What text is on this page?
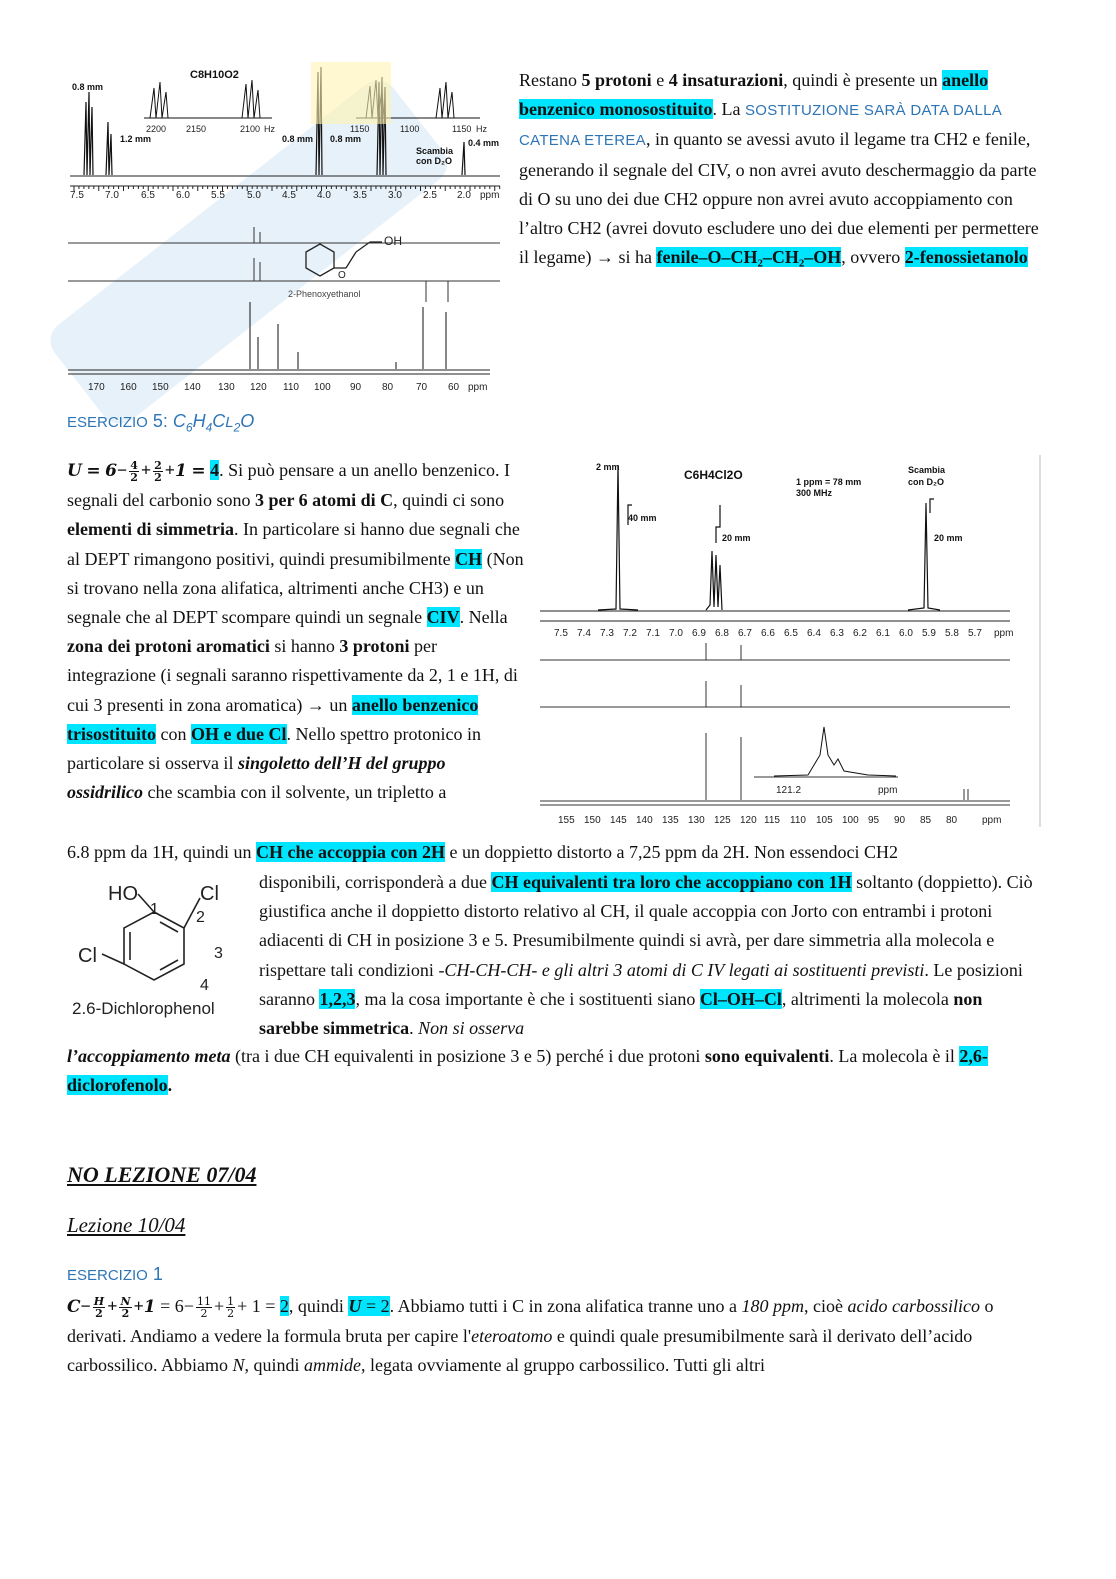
7.5 7.0 6.5 6.0 5.5 5.0 4.5 4.0 3.5 3.0 2.5 2.0 ppm
2200 2150	2100 Hz	1150	1100	1150 Hz
0.8 mm
1.2 mm	0.8 mm 0.8 mm	0.4 mm
Scambia
con D₂O
C8H10O2
O
OH
2-Phenoxyethanol
170 160 150 140 130 120 110 100 90 80 70 60 ppm

Restano 5 protoni e 4 insaturazioni, quindi è presente un anello benzenico monosostituito. La SOSTITUZIONE SARÀ DATA DALLA CATENA ETEREA, in quanto se avessi avuto il legame tra CH2 e fenile, generando il segnale del CIV, o non avrei avuto deschermaggio da parte di O su uno dei due CH2 oppure non avrei avuto accoppiamento con l’altro CH2 (avrei dovuto escludere uno dei due elementi per permettere il legame) → si ha fenile–O–CH₂–CH₂–OH, ovvero 2-fenossietanolo

ESERCIZIO 5: $C_6H_4CL_2O$

$U = 6- \frac{4}{2} + \frac{2}{2} +1 = 4$. Si può pensare a un anello benzenico. I segnali del carbonio sono 3 per 6 atomi di C, quindi ci sono elementi di simmetria. In particolare si hanno due segnali che al DEPT rimangono positivi, quindi presumibilmente CH (Non si trovano nella zona alifatica, altrimenti anche CH3) e un segnale che al DEPT scompare quindi un segnale CIV. Nella zona dei protoni aromatici si hanno 3 protoni per integrazione (i segnali saranno rispettivamente da 2, 1 e 1H, di cui 3 presenti in zona aromatica) → un anello benzenico trisostituito con OH e due Cl. Nello spettro protonico in particolare si osserva il singoletto dell’H del gruppo ossidrilico che scambia con il solvente, un tripletto a

2 mm
40 mm
20 mm	20 mm
C6H4Cl2O	1 ppm = 78 mm
300 MHz
Scambia
con D₂O
7.5 7.4 7.3 7.2 7.1 7.0 6.9 6.8 6.7 6.6 6.5 6.4 6.3 6.2 6.1 6.0 5.9 5.8 5.7 ppm
121.2	ppm
155 150 145 140 135 130 125 120 115 110 105 100 95 90 85 80 ppm

6.8 ppm da 1H, quindi un CH che accoppia con 2H e un doppietto distorto a 7,25 ppm da 2H. Non essendoci CH2

HO	Cl
Cl
1 2
3
4
2.6-Dichlorophenol

disponibili, corrisponderà a due CH equivalenti tra loro che accoppiano con 1H soltanto (doppietto). Ciò giustifica anche il doppietto distorto relativo al CH, il quale accoppia con Jorto con entrambi i protoni adiacenti di CH in posizione 3 e 5. Presumibilmente quindi si avrà, per dare simmetria alla molecola e rispettare tali condizioni -CH-CH-CH- e gli altri 3 atomi di C IV legati ai sostituenti previsti. Le posizioni saranno 1,2,3, ma la cosa importante è che i sostituenti siano Cl–OH–Cl, altrimenti la molecola non sarebbe simmetrica. Non si osserva

l’accoppiamento meta (tra i due CH equivalenti in posizione 3 e 5) perché i due protoni sono equivalenti. La molecola è il 2,6-diclorofenolo.

NO LEZIONE 07/04
Lezione 10/04

ESERCIZIO 1

$C- \frac{H}{2} + \frac{N}{2} +1 = 6- \frac{11}{2} + \frac{1}{2} + 1 = 2$, quindi U = 2. Abbiamo tutti i C in zona alifatica tranne uno a 180 ppm, cioè acido carbossilico o derivati. Andiamo a vedere la formula bruta per capire l'eteroatomo e quindi quale presumibilmente sarà il derivato dell’acido carbossilico. Abbiamo N, quindi ammide, legata ovviamente al gruppo carbossilico. Tutti gli altri
